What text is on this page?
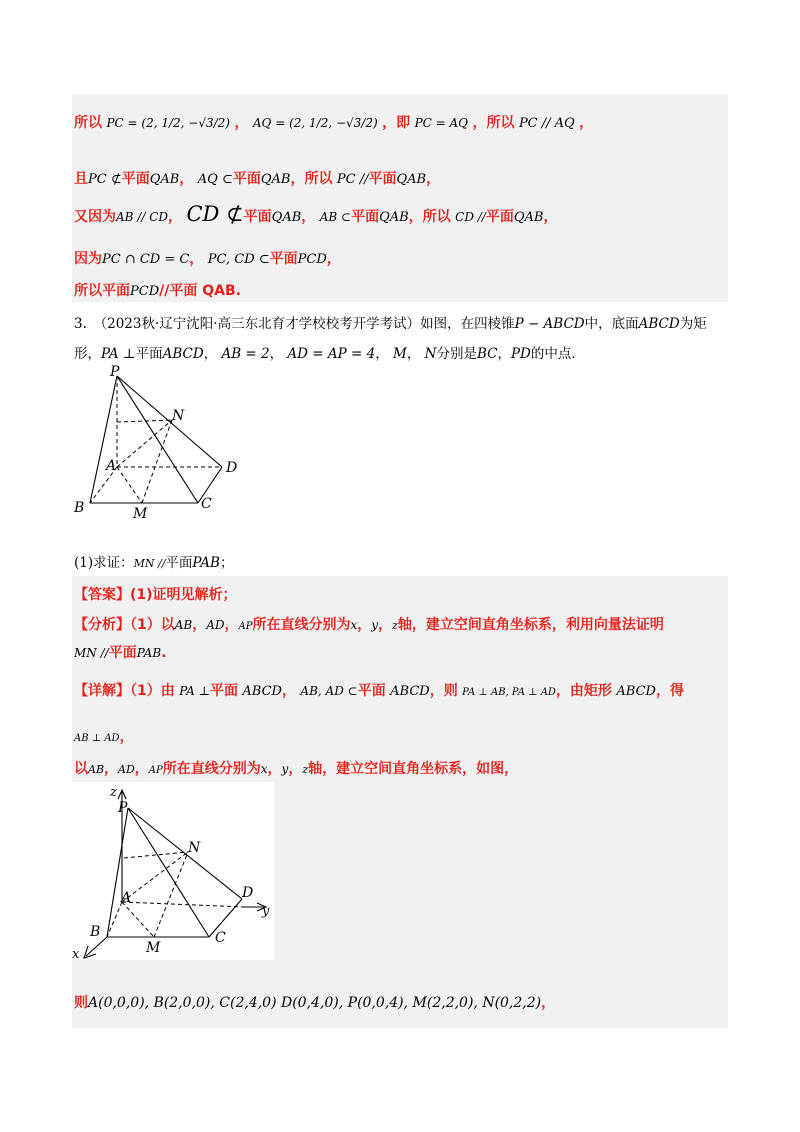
所以 PC = (2, 1/2, −√3/2) ， AQ = (2, 1/2, −√3/2) ，即 PC = AQ ，所以 PC // AQ ，
且PC ⊄平面QAB， AQ ⊂平面QAB，所以 PC //平面QAB，
又因为AB // CD， CD ⊄平面QAB， AB ⊂平面QAB，所以 CD //平面QAB，
因为PC ∩ CD = C， PC, CD ⊂平面PCD，
所以平面PCD//平面 QAB.
3.　（2023秋·辽宁沈阳·高三东北育才学校校考开学考试）如图，在四棱锥P − ABCD中，底面ABCD为矩
形，PA ⊥平面ABCD， AB = 2， AD = AP = 4， M， N分别是BC，PD的中点.
P
N
A	D
B	M
C
(1)求证：MN //平面PAB；
【答案】(1)证明见解析；
【分析】（1）以AB，AD，AP所在直线分别为x，y，z轴，建立空间直角坐标系，利用向量法证明
MN //平面PAB.
【详解】（1）由 PA ⊥平面 ABCD， AB, AD ⊂平面 ABCD，则 PA ⊥ AB, PA ⊥ AD，由矩形 ABCD，得
AB ⊥ AD，
以AB，AD，AP所在直线分别为x，y，z轴，建立空间直角坐标系，如图，
z
P
N
A	D
y
B
M
C
x
则A(0,0,0), B(2,0,0), C(2,4,0) D(0,4,0), P(0,0,4), M(2,2,0), N(0,2,2)，
